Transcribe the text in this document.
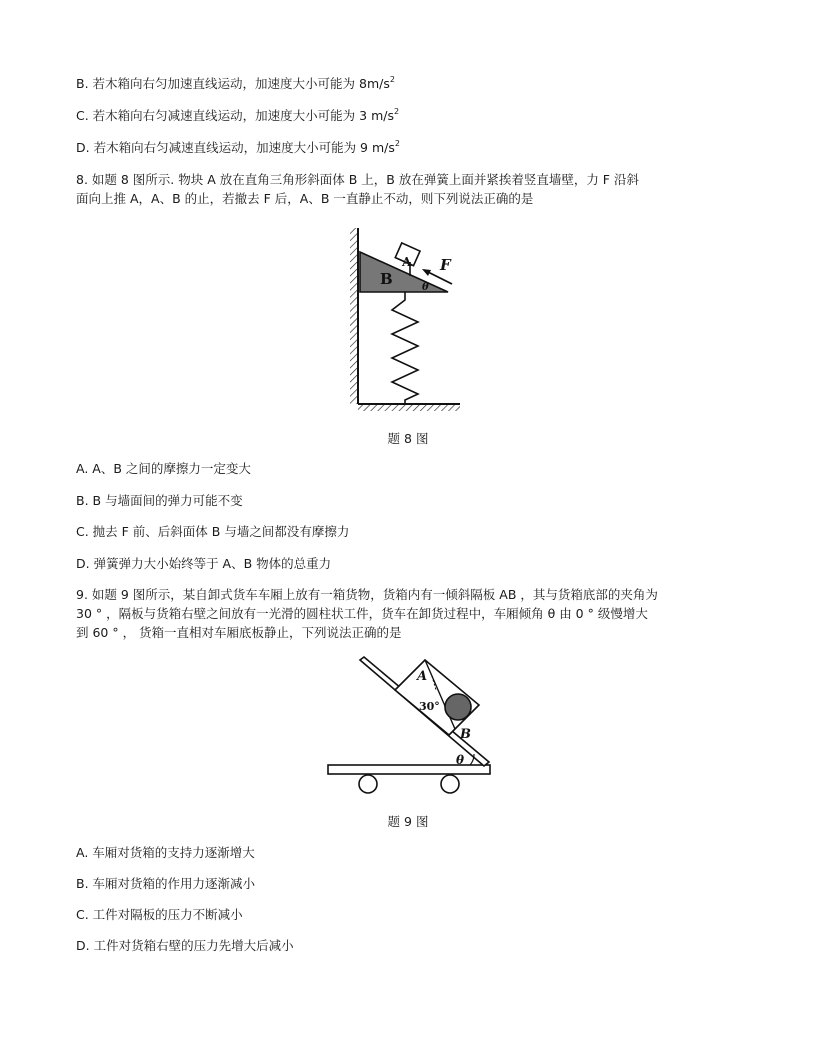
B. 若木箱向右匀加速直线运动，加速度大小可能为 $8m/s^2$
C. 若木箱向右匀减速直线运动，加速度大小可能为 3 $m/s^2$
D. 若木箱向右匀减速直线运动，加速度大小可能为 9 $m/s^2$
8. 如题 8 图所示. 物块 A 放在直角三角形斜面体 B 上，B 放在弹簧上面并紧挨着竖直墙壁，力 F 沿斜
面向上推 A，A、B 的止，若撤去 F 后，A、B 一直静止不动，则下列说法正确的是
B
A F
θ
题 8 图
A. A、B 之间的摩擦力一定变大
B. B 与墙面间的弹力可能不变
C. 抛去 F 前、后斜面体 B 与墙之间都没有摩擦力
D. 弹簧弹力大小始终等于 A、B 物体的总重力
9. 如题 9 图所示，某自卸式货车车厢上放有一箱货物，货箱内有一倾斜隔板 AB ，其与货箱底部的夹角为
30 ° ，隔板与货箱右壁之间放有一光滑的圆柱状工件，货车在卸货过程中，车厢倾角 θ 由 0 ° 级慢增大
到 60 ° ， 货箱一直相对车厢底板静止，下列说法正确的是
A
B
30°
θ
题 9 图
A. 车厢对货箱的支持力逐渐增大
B. 车厢对货箱的作用力逐渐减小
C. 工件对隔板的压力不断减小
D. 工件对货箱右壁的压力先增大后减小
